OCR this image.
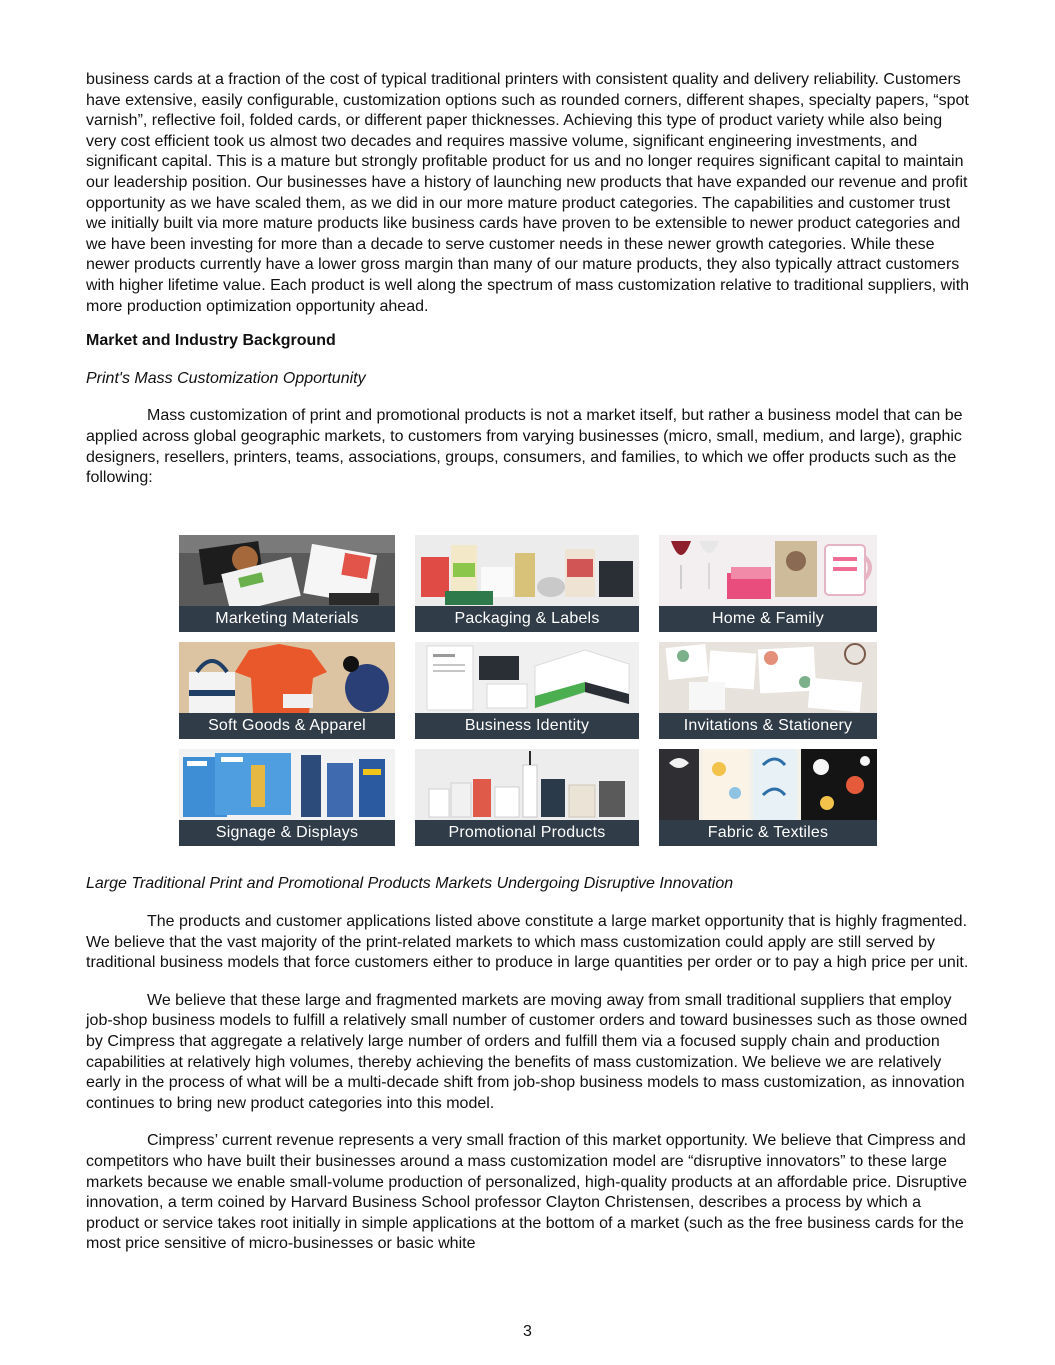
business cards at a fraction of the cost of typical traditional printers with consistent quality and delivery reliability. Customers have extensive, easily configurable, customization options such as rounded corners, different shapes, specialty papers, “spot varnish”, reflective foil, folded cards, or different paper thicknesses. Achieving this type of product variety while also being very cost efficient took us almost two decades and requires massive volume, significant engineering investments, and significant capital. This is a mature but strongly profitable product for us and no longer requires significant capital to maintain our leadership position. Our businesses have a history of launching new products that have expanded our revenue and profit opportunity as we have scaled them, as we did in our more mature product categories. The capabilities and customer trust we initially built via more mature products like business cards have proven to be extensible to newer product categories and we have been investing for more than a decade to serve customer needs in these newer growth categories. While these newer products currently have a lower gross margin than many of our mature products, they also typically attract customers with higher lifetime value. Each product is well along the spectrum of mass customization relative to traditional suppliers, with more production optimization opportunity ahead.

Market and Industry Background

Print's Mass Customization Opportunity

Mass customization of print and promotional products is not a market itself, but rather a business model that can be applied across global geographic markets, to customers from varying businesses (micro, small, medium, and large), graphic designers, resellers, printers, teams, associations, groups, consumers, and families, to which we offer products such as the following:

Marketing Materials	Packaging & Labels	Home & Family
Soft Goods & Apparel	Business Identity	Invitations & Stationery
Signage & Displays	Promotional Products	Fabric & Textiles

Large Traditional Print and Promotional Products Markets Undergoing Disruptive Innovation

The products and customer applications listed above constitute a large market opportunity that is highly fragmented. We believe that the vast majority of the print-related markets to which mass customization could apply are still served by traditional business models that force customers either to produce in large quantities per order or to pay a high price per unit.

We believe that these large and fragmented markets are moving away from small traditional suppliers that employ job-shop business models to fulfill a relatively small number of customer orders and toward businesses such as those owned by Cimpress that aggregate a relatively large number of orders and fulfill them via a focused supply chain and production capabilities at relatively high volumes, thereby achieving the benefits of mass customization. We believe we are relatively early in the process of what will be a multi-decade shift from job-shop business models to mass customization, as innovation continues to bring new product categories into this model.

Cimpress’ current revenue represents a very small fraction of this market opportunity. We believe that Cimpress and competitors who have built their businesses around a mass customization model are “disruptive innovators” to these large markets because we enable small-volume production of personalized, high-quality products at an affordable price. Disruptive innovation, a term coined by Harvard Business School professor Clayton Christensen, describes a process by which a product or service takes root initially in simple applications at the bottom of a market (such as the free business cards for the most price sensitive of micro-businesses or basic white

3
